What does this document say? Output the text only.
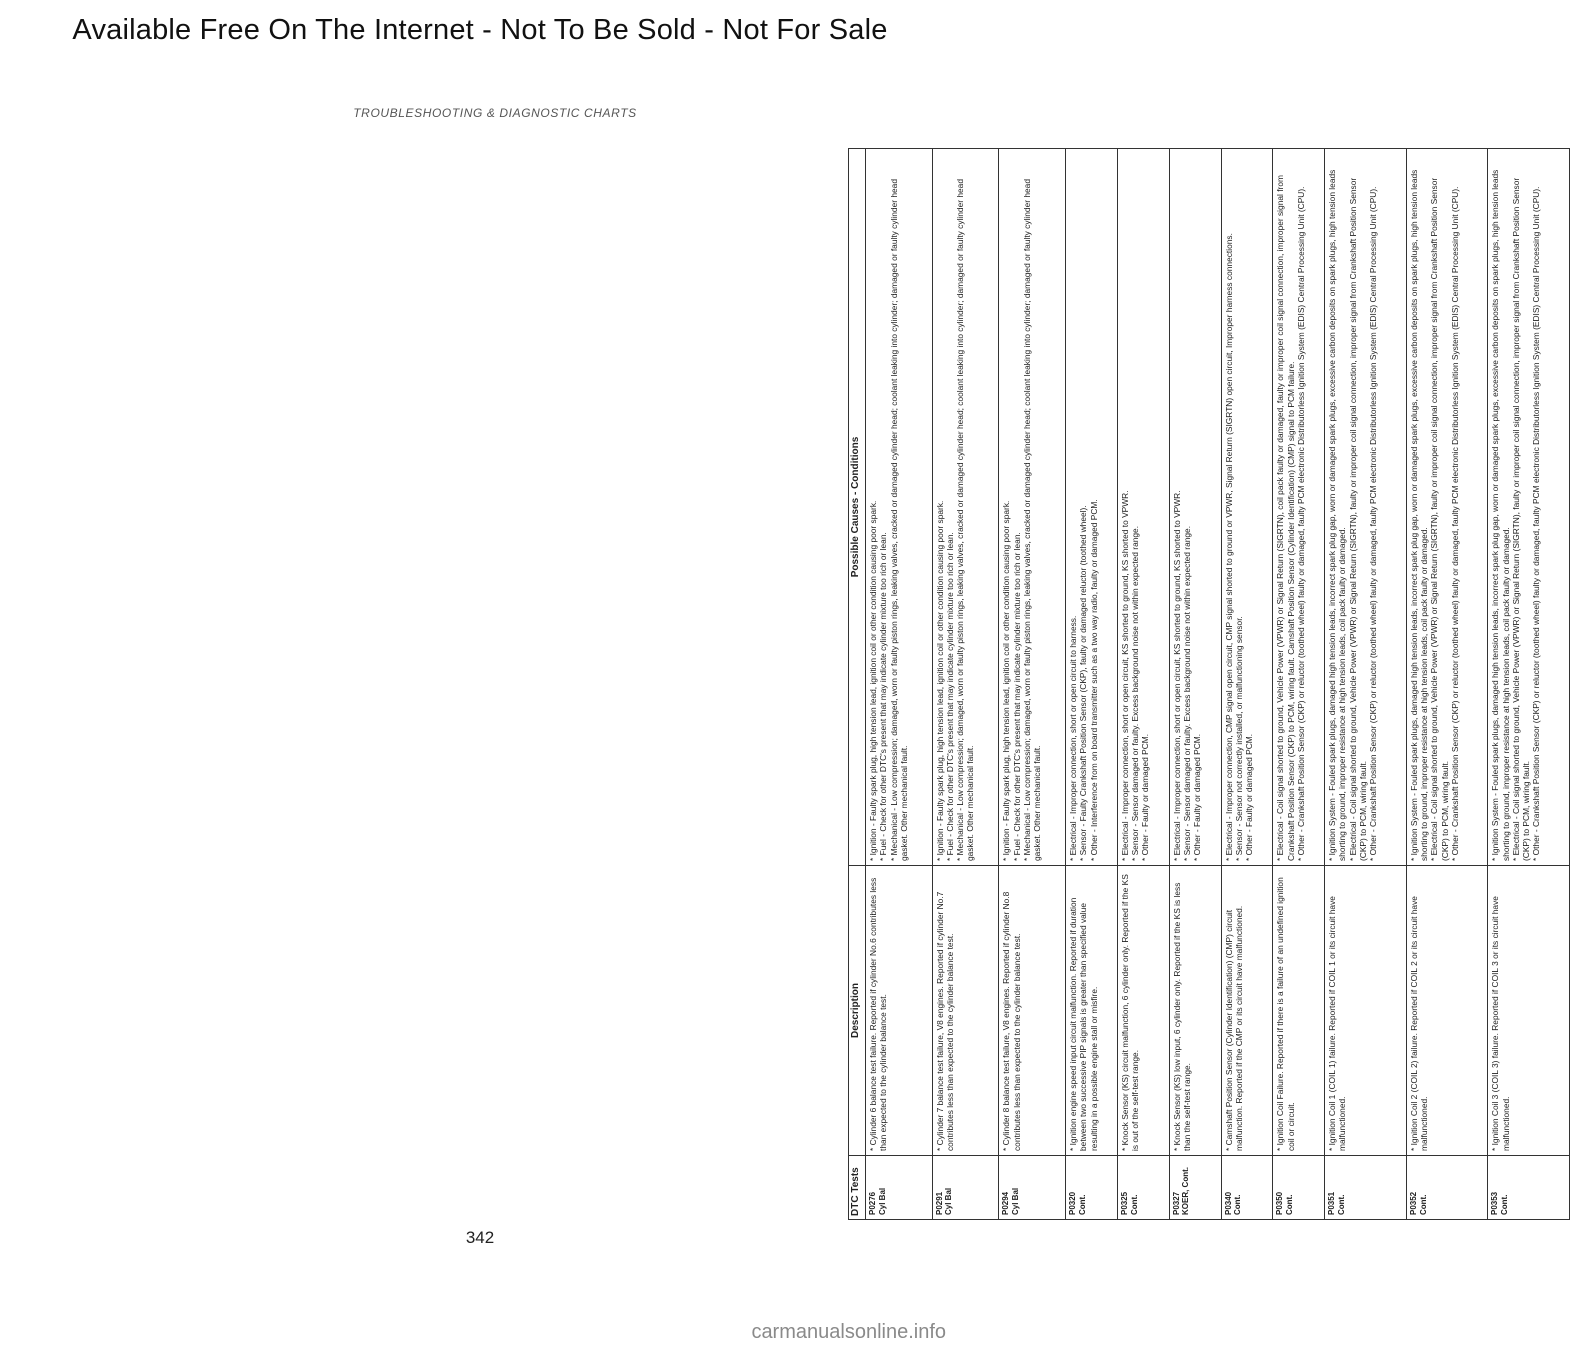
Available Free On The Internet - Not To Be Sold - Not For Sale
TROUBLESHOOTING & DIAGNOSTIC CHARTS
DTC Tests	Description	Possible Causes - Conditions

P0276 Cyl Bal	* Cylinder 6 balance test failure. Reported if cylinder No.6 contributes less than expected to the cylinder balance test.	* Ignition - Faulty spark plug, high tension lead, ignition coil or other condition causing poor spark. * Fuel - Check for other DTC's present that may indicate cylinder mixture too rich or lean. * Mechanical - Low compression; damaged, worn or faulty piston rings, leaking valves, cracked or damaged cylinder head; coolant leaking into cylinder; damaged or faulty cylinder head gasket. Other mechanical fault.

P0291 Cyl Bal	* Cylinder 7 balance test failure, V8 engines. Reported if cylinder No.7 contributes less than expected to the cylinder balance test.	* Ignition - Faulty spark plug, high tension lead, ignition coil or other condition causing poor spark. * Fuel - Check for other DTC's present that may indicate cylinder mixture too rich or lean. * Mechanical - Low compression; damaged, worn or faulty piston rings, leaking valves, cracked or damaged cylinder head; coolant leaking into cylinder; damaged or faulty cylinder head gasket. Other mechanical fault.

P0294 Cyl Bal	* Cylinder 8 balance test failure, V8 engines. Reported if cylinder No.8 contributes less than expected to the cylinder balance test.	* Ignition - Faulty spark plug, high tension lead, ignition coil or other condition causing poor spark. * Fuel - Check for other DTC's present that may indicate cylinder mixture too rich or lean. * Mechanical - Low compression; damaged, worn or faulty piston rings, leaking valves, cracked or damaged cylinder head; coolant leaking into cylinder; damaged or faulty cylinder head gasket. Other mechanical fault.

P0320 Cont.	* Ignition engine speed input circuit malfunction. Reported if duration between two successive PIP signals is greater than specified value resulting in a possible engine stall or misfire.	* Electrical - Improper connection, short or open circuit to harness. * Sensor - Faulty Crankshaft Position Sensor (CKP), faulty or damaged reluctor (toothed wheel). * Other - Interference from on board transmitter such as a two way radio, faulty or damaged PCM.

P0325 Cont.	* Knock Sensor (KS) circuit malfunction, 6 cylinder only. Reported if the KS is out of the self-test range.	* Electrical - Improper connection, short or open circuit, KS shorted to ground, KS shorted to VPWR. * Sensor - Sensor damaged or faulty. Excess background noise not within expected range. * Other - Faulty or damaged PCM.

P0327 KOER, Cont.	* Knock Sensor (KS) low input, 6 cylinder only. Reported if the KS is less than the self-test range.	* Electrical - Improper connection, short or open circuit, KS shorted to ground, KS shorted to VPWR. * Sensor - Sensor damaged or faulty. Excess background noise not within expected range. * Other - Faulty or damaged PCM.

P0340 Cont.	* Camshaft Position Sensor (Cylinder Identification) (CMP) circuit malfunction. Reported if the CMP or its circuit have malfunctioned.	* Electrical - Improper connection, CMP signal open circuit, CMP signal shorted to ground or VPWR, Signal Return (SIGRTN) open circuit, Improper harness connections. * Sensor - Sensor not correctly installed, or malfunctioning sensor. * Other - Faulty or damaged PCM.

P0350 Cont.	* Ignition Coil Failure. Reported if there is a failure of an undefined ignition coil or circuit.	* Electrical - Coil signal shorted to ground, Vehicle Power (VPWR) or Signal Return (SIGRTN), coil pack faulty or damaged, faulty or improper coil signal connection, improper signal from Crankshaft Position Sensor (CKP) to PCM, wiring fault. Camshaft Position Sensor (Cylinder Identification) (CMP) signal to PCM failure. * Other - Crankshaft Position Sensor (CKP) or reluctor (toothed wheel) faulty or damaged, faulty PCM electronic Distributorless Ignition System (EDIS) Central Processing Unit (CPU).

P0351 Cont.	* Ignition Coil 1 (COIL 1) failure. Reported if COIL 1 or its circuit have malfunctioned.	* Ignition System - Fouled spark plugs, damaged high tension leads, incorrect spark plug gap, worn or damaged spark plugs, excessive carbon deposits on spark plugs, high tension leads shorting to ground, improper resistance at high tension leads, coil pack faulty or damaged. * Electrical - Coil signal shorted to ground, Vehicle Power (VPWR) or Signal Return (SIGRTN), faulty or improper coil signal connection, improper signal from Crankshaft Position Sensor (CKP) to PCM, wiring fault. * Other - Crankshaft Position Sensor (CKP) or reluctor (toothed wheel) faulty or damaged, faulty PCM electronic Distributorless Ignition System (EDIS) Central Processing Unit (CPU).

P0352 Cont.	* Ignition Coil 2 (COIL 2) failure. Reported if COIL 2 or its circuit have malfunctioned.	* Ignition System - Fouled spark plugs, damaged high tension leads, incorrect spark plug gap, worn or damaged spark plugs, excessive carbon deposits on spark plugs, high tension leads shorting to ground, improper resistance at high tension leads, coil pack faulty or damaged. * Electrical - Coil signal shorted to ground, Vehicle Power (VPWR) or Signal Return (SIGRTN), faulty or improper coil signal connection, improper signal from Crankshaft Position Sensor (CKP) to PCM, wiring fault. * Other - Crankshaft Position Sensor (CKP) or reluctor (toothed wheel) faulty or damaged, faulty PCM electronic Distributorless Ignition System (EDIS) Central Processing Unit (CPU).

P0353 Cont.	* Ignition Coil 3 (COIL 3) failure. Reported if COIL 3 or its circuit have malfunctioned.	* Ignition System - Fouled spark plugs, damaged high tension leads, incorrect spark plug gap, worn or damaged spark plugs, excessive carbon deposits on spark plugs, high tension leads shorting to ground, improper resistance at high tension leads, coil pack faulty or damaged. * Electrical - Coil signal shorted to ground, Vehicle Power (VPWR) or Signal Return (SIGRTN), faulty or improper coil signal connection, improper signal from Crankshaft Position Sensor (CKP) to PCM, wiring fault. * Other - Crankshaft Position Sensor (CKP) or reluctor (toothed wheel) faulty or damaged, faulty PCM electronic Distributorless Ignition System (EDIS) Central Processing Unit (CPU).
342
carmanualsonline.info
